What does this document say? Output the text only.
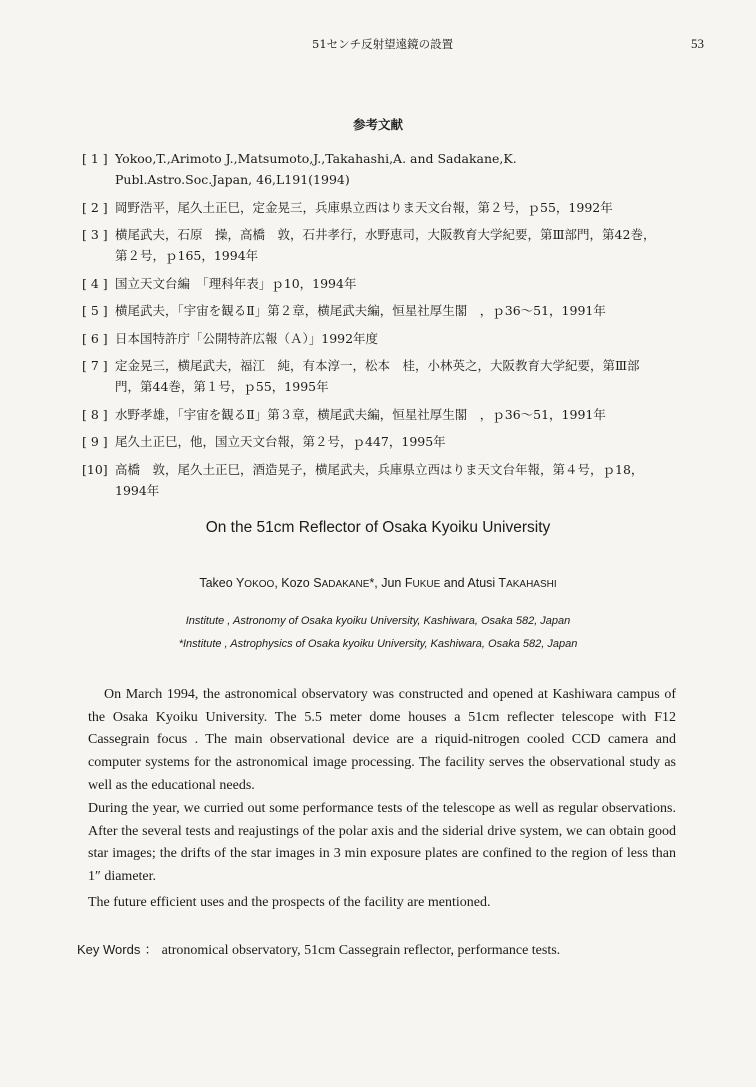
51センチ反射望遠鏡の設置	53
参考文献
[ 1 ] Yokoo,T.,Arimoto J.,Matsumoto,J.,Takahashi,A. and Sadakane,K.
Publ.Astro.Soc.Japan, 46,L191(1994)
[ 2 ] 岡野浩平，尾久土正巳，定金晃三，兵庫県立西はりま天文台報，第２号，ｐ55，1992年
[ 3 ] 横尾武夫，石原　操，高橋　敦，石井孝行，水野恵司，大阪教育大学紀要，第Ⅲ部門，第42巻，
第２号，ｐ165，1994年
[ 4 ] 国立天文台編　「理科年表」ｐ10，1994年
[ 5 ] 横尾武夫，「宇宙を観るⅡ」第２章，横尾武夫編，恒星社厚生閣　，ｐ36～51，1991年
[ 6 ] 日本国特許庁「公開特許広報（Ａ）」1992年度
[ 7 ] 定金晃三，横尾武夫，福江　純，有本淳一，松本　桂，小林英之，大阪教育大学紀要，第Ⅲ部
門，第44巻，第１号，ｐ55，1995年
[ 8 ] 水野孝雄，「宇宙を観るⅡ」第３章，横尾武夫編，恒星社厚生閣　，ｐ36～51，1991年
[ 9 ] 尾久土正巳，他，国立天文台報，第２号，ｐ447，1995年
[10] 高橋　敦，尾久土正巳，酒造晃子，横尾武夫，兵庫県立西はりま天文台年報，第４号，ｐ18，
1994年
On the 51cm Reflector of Osaka Kyoiku University
Takeo YOKOO, Kozo SADAKANE*, Jun FUKUE and Atusi TAKAHASHI
Institute , Astronomy of Osaka kyoiku University, Kashiwara, Osaka 582, Japan
*Institute , Astrophysics of Osaka kyoiku University, Kashiwara, Osaka 582, Japan

On March 1994, the astronomical observatory was constructed and opened at Kashiwara campus of the Osaka Kyoiku University. The 5.5 meter dome houses a 51cm reflecter telescope with F12 Cassegrain focus . The main observational device are a riquid-nitrogen cooled CCD camera and computer systems for the astronomical image processing. The facility serves the observational study as well as the educational needs.

During the year, we curried out some performance tests of the telescope as well as regular observations. After the several tests and reajustings of the polar axis and the siderial drive system, we can obtain good star images; the drifts of the star images in 3 min exposure plates are confined to the region of less than 1″ diameter.

The future efficient uses and the prospects of the facility are mentioned.

Key Words ： atronomical observatory, 51cm Cassegrain reflector, performance tests.
